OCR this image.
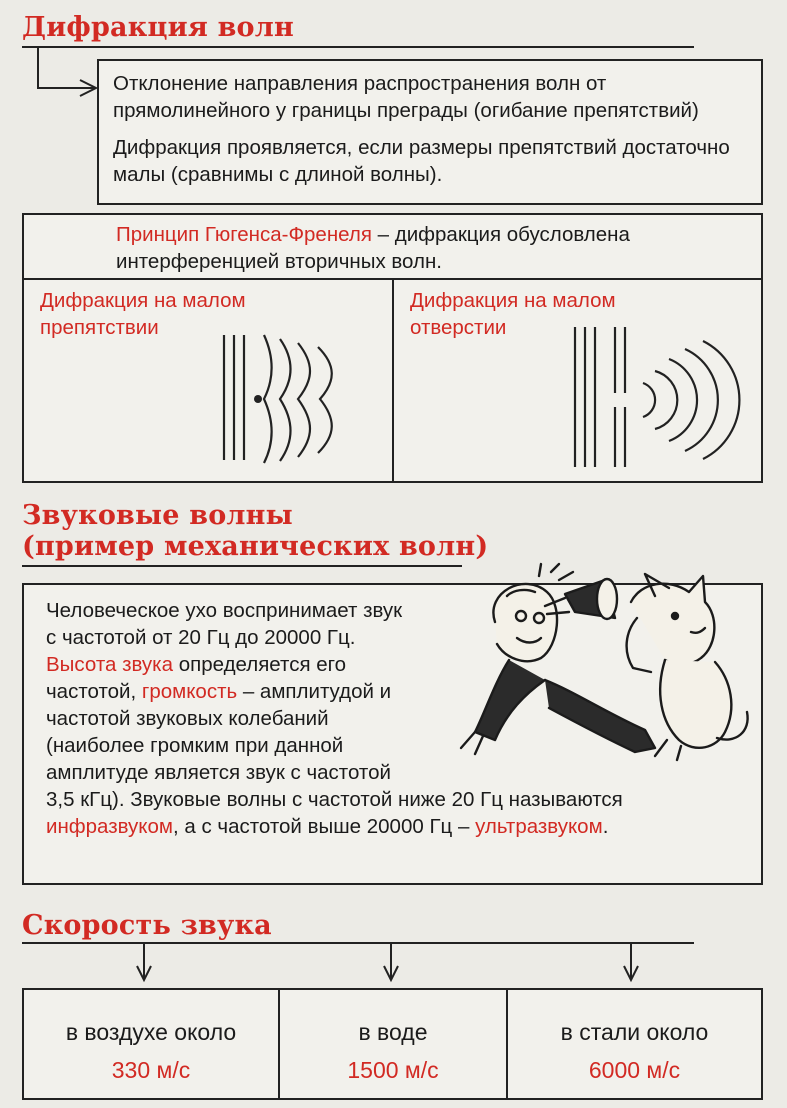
Дифракция волн
Отклонение направления распространения волн от прямолинейного у границы преграды (огибание препятствий)
Дифракция проявляется, если размеры препятствий достаточно малы (сравнимы с длиной волны).
Принцип Гюгенса-Френеля – дифракция обусловлена интерференцией вторичных волн.
Дифракция на малом препятствии
Дифракция на малом отверстии
Звуковые волны
(пример механических волн)
Человеческое ухо воспринимает звук с частотой от 20 Гц до 20000 Гц.
Высота звука определяется его частотой, громкость – амплитудой и частотой звуковых колебаний (наиболее громким при данной амплитуде является звук с частотой 3,5 кГц). Звуковые волны с частотой ниже 20 Гц называются инфразвуком, а с частотой выше 20000 Гц – ультразвуком.
Скорость звука
в воздухе около
330 м/с
в воде
1500 м/с
в стали около
6000 м/с
